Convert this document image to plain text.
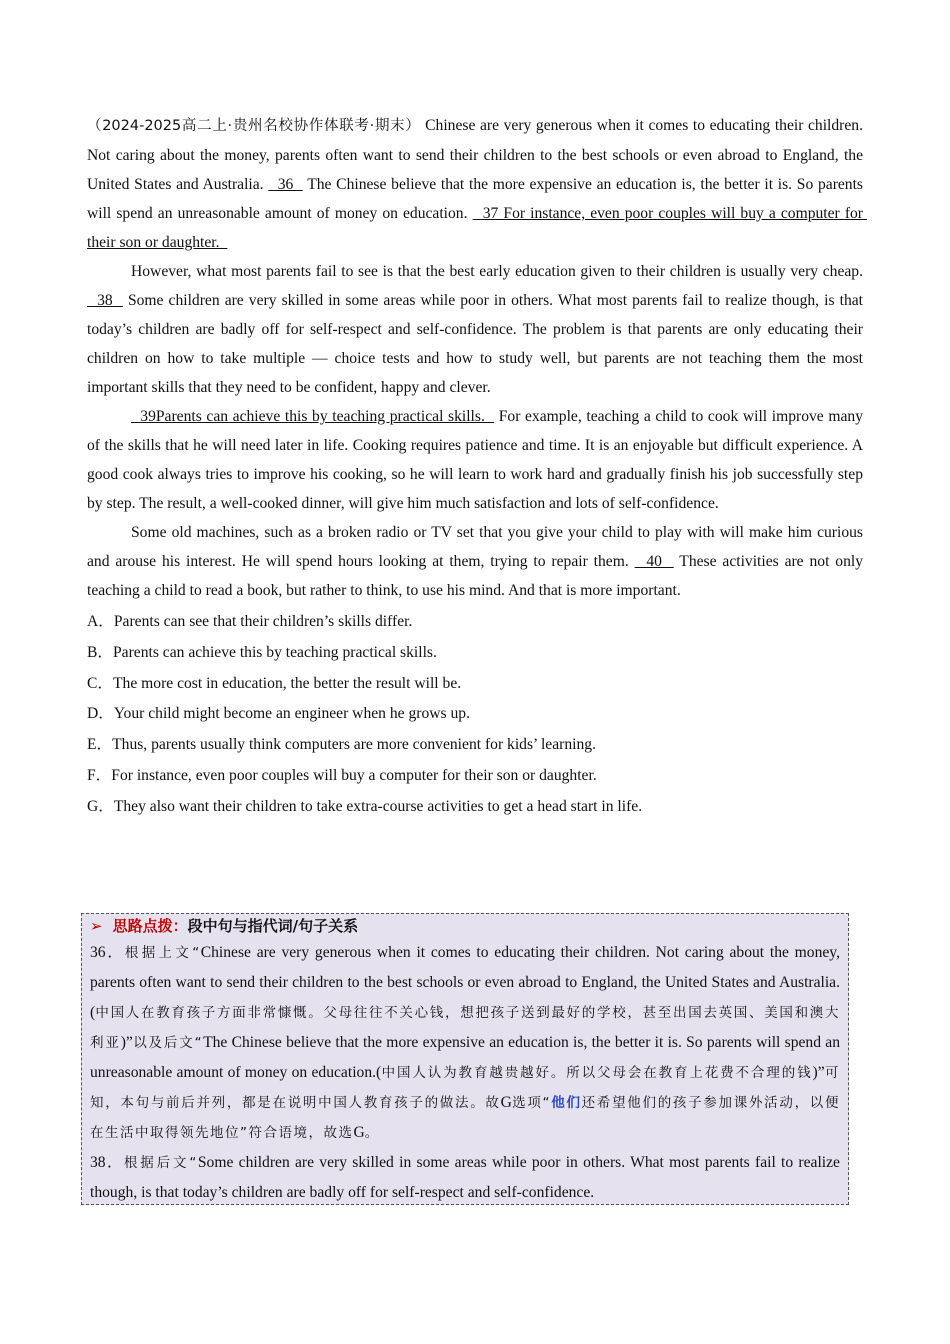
（2024-2025高二上·贵州名校协作体联考·期末） Chinese are very generous when it comes to educating their children. Not caring about the money, parents often want to send their children to the best schools or even abroad to England, the United States and Australia.   36   The Chinese believe that the more expensive an education is, the better it is. So parents will spend an unreasonable amount of money on education.   37 For instance, even poor couples will buy a computer for their son or daughter.

However, what most parents fail to see is that the best early education given to their children is usually very cheap.   38   Some children are very skilled in some areas while poor in others. What most parents fail to realize though, is that today’s children are badly off for self-respect and self-confidence. The problem is that parents are only educating their children on how to take multiple — choice tests and how to study well, but parents are not teaching them the most important skills that they need to be confident, happy and clever.

39Parents can achieve this by teaching practical skills.   For example, teaching a child to cook will improve many of the skills that he will need later in life. Cooking requires patience and time. It is an enjoyable but difficult experience. A good cook always tries to improve his cooking, so he will learn to work hard and gradually finish his job successfully step by step. The result, a well-cooked dinner, will give him much satisfaction and lots of self-confidence.

Some old machines, such as a broken radio or TV set that you give your child to play with will make him curious and arouse his interest. He will spend hours looking at them, trying to repair them.   40   These activities are not only teaching a child to read a book, but rather to think, to use his mind. And that is more important.

A．Parents can see that their children’s skills differ.

B．Parents can achieve this by teaching practical skills.

C．The more cost in education, the better the result will be.

D．Your child might become an engineer when he grows up.

E．Thus, parents usually think computers are more convenient for kids’ learning.

F．For instance, even poor couples will buy a computer for their son or daughter.

G．They also want their children to take extra-course activities to get a head start in life.

➢ 思路点拨：段中句与指代词/句子关系

36．根据上文“Chinese are very generous when it comes to educating their children. Not caring about the money, parents often want to send their children to the best schools or even abroad to England, the United States and Australia.(中国人在教育孩子方面非常慷慨。父母往往不关心钱，想把孩子送到最好的学校，甚至出国去英国、美国和澳大利亚)”以及后文“The Chinese believe that the more expensive an education is, the better it is. So parents will spend an unreasonable amount of money on education.(中国人认为教育越贵越好。所以父母会在教育上花费不合理的钱)”可知，本句与前后并列，都是在说明中国人教育孩子的做法。故G选项“他们还希望他们的孩子参加课外活动，以便在生活中取得领先地位”符合语境，故选G。

38．根据后文“Some children are very skilled in some areas while poor in others. What most parents fail to realize though, is that today’s children are badly off for self-respect and self-confidence.
